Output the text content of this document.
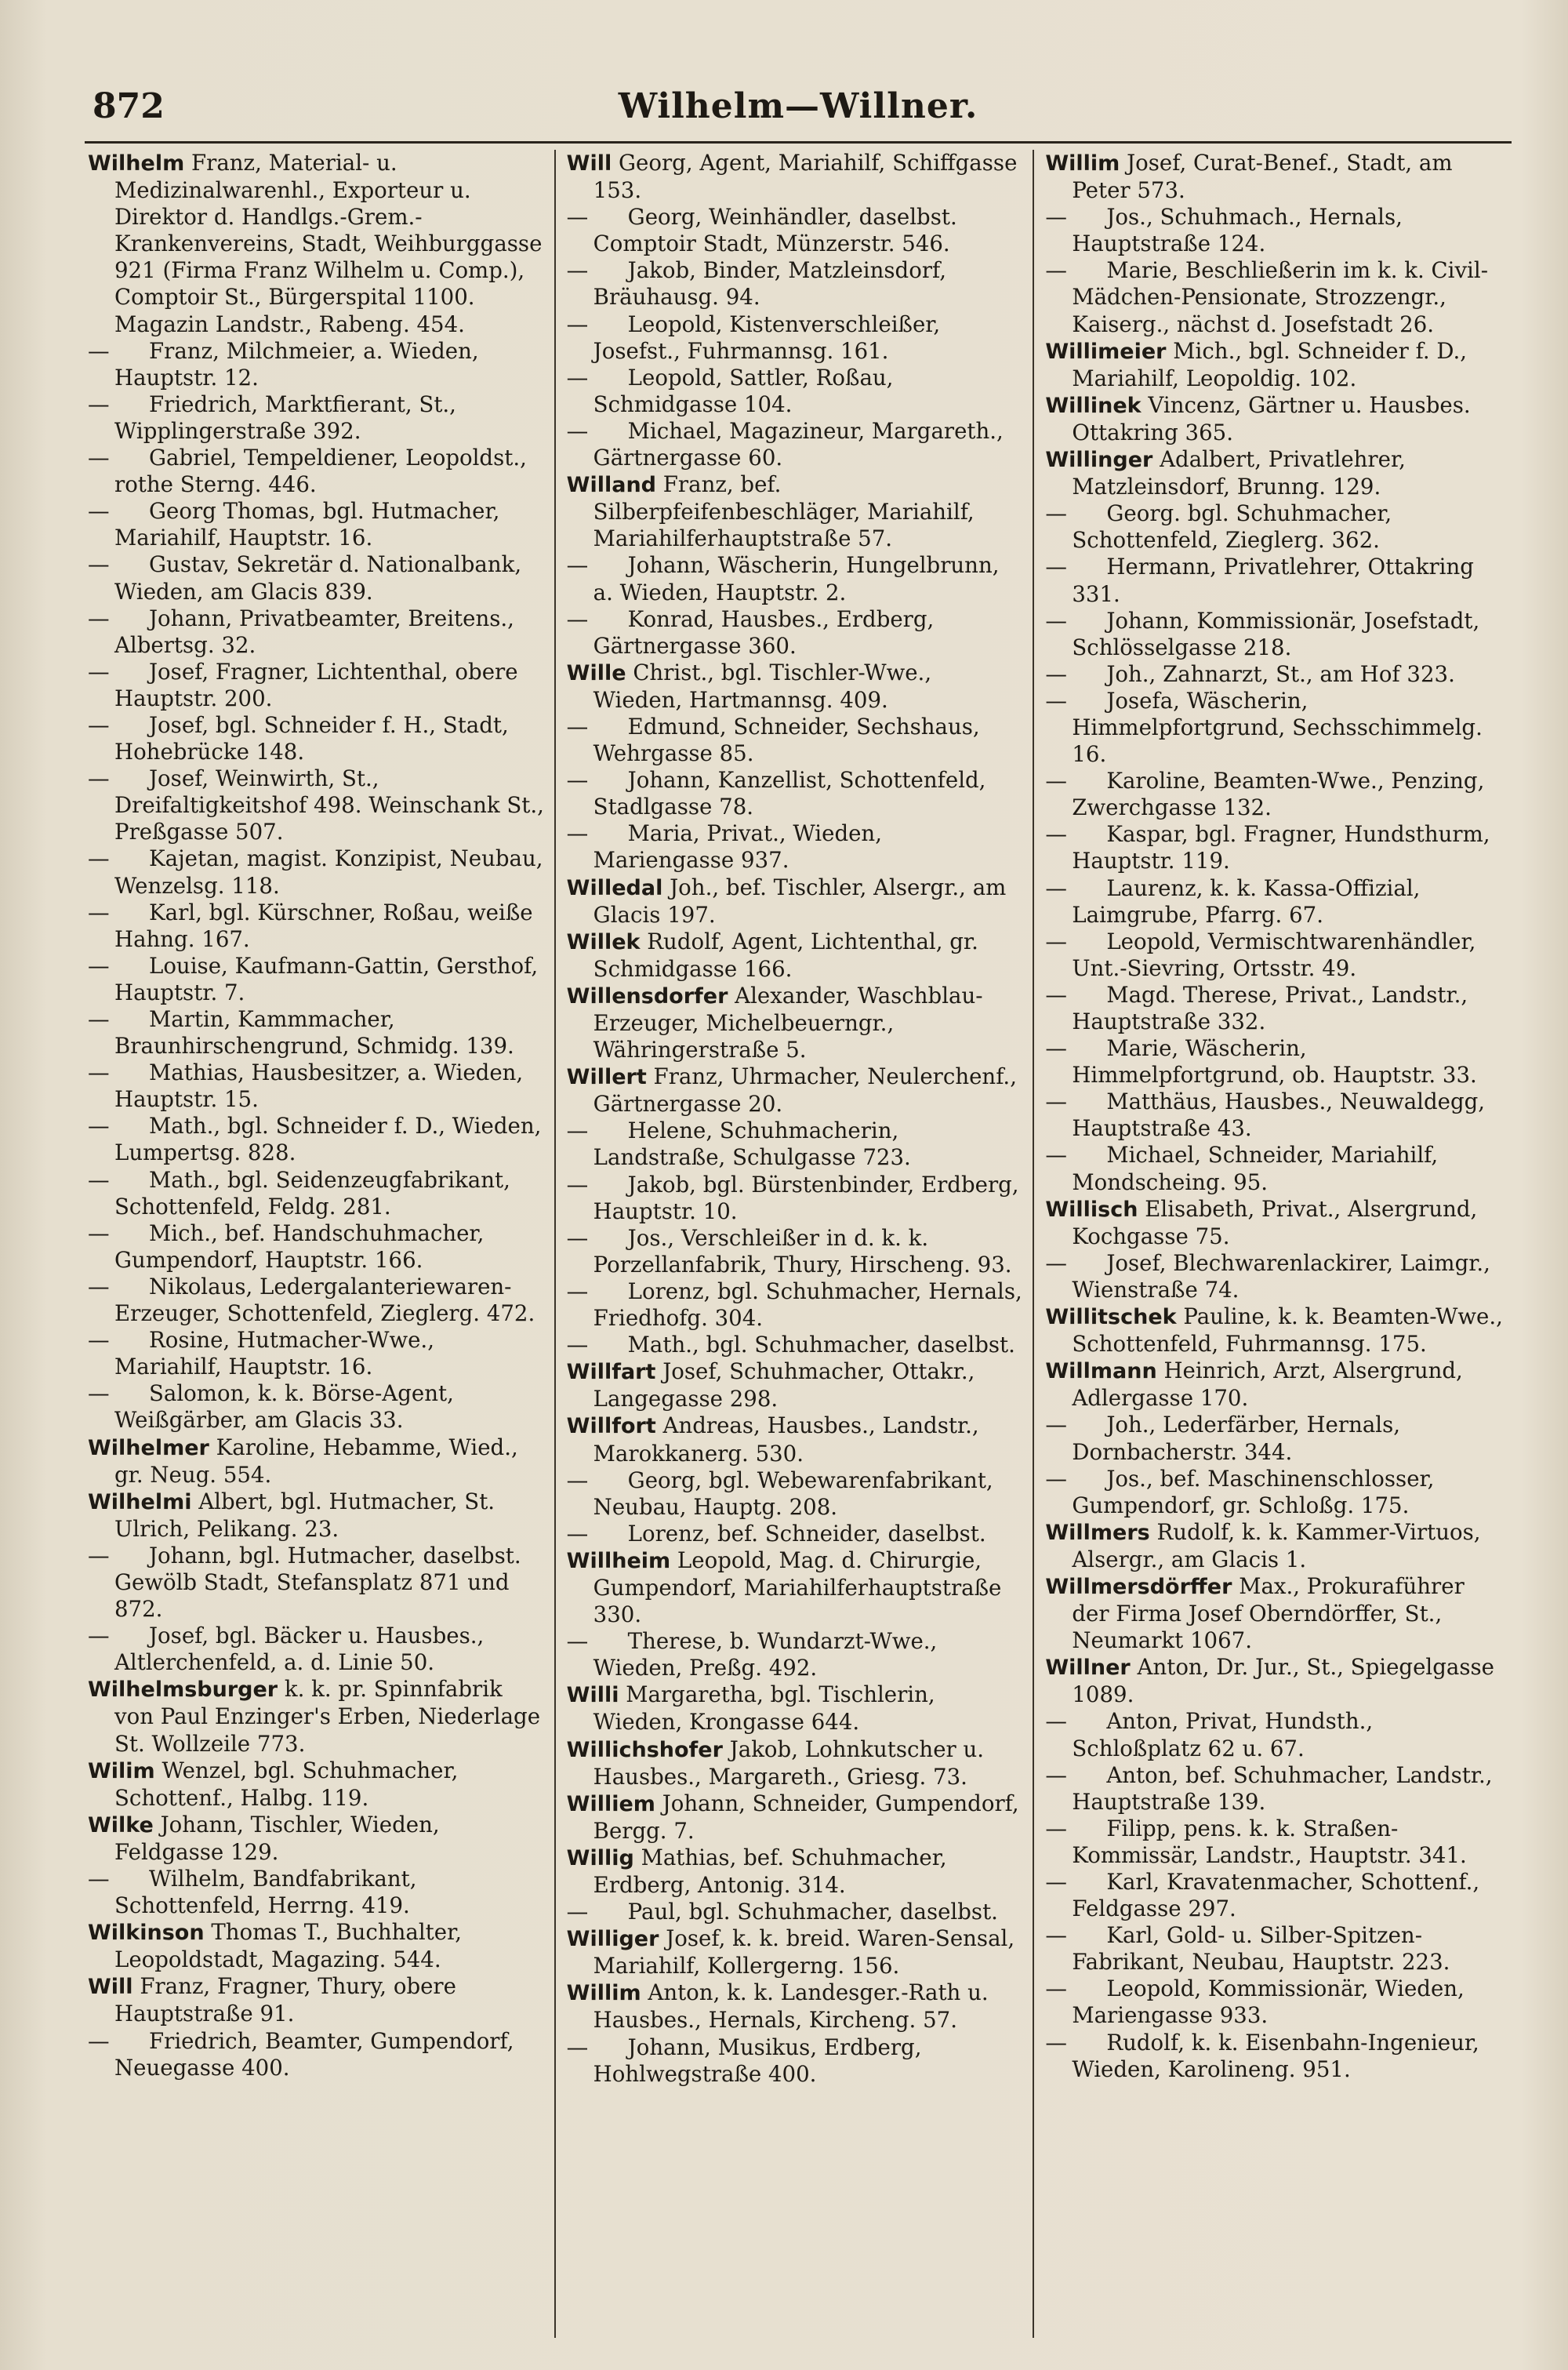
872	Wilhelm—Willner.

Wilhelm Franz, Material- u. Medizinalwarenhl., Exporteur u. Direktor d. Handlgs.-Grem.-Krankenvereins, Stadt, Weihburggasse 921 (Firma Franz Wilhelm u. Comp.), Comptoir St., Bürgerspital 1100. Magazin Landstr., Rabeng. 454.

— Franz, Milchmeier, a. Wieden, Hauptstr. 12.

— Friedrich, Marktfierant, St., Wipplingerstraße 392.

— Gabriel, Tempeldiener, Leopoldst., rothe Sterng. 446.

— Georg Thomas, bgl. Hutmacher, Mariahilf, Hauptstr. 16.

— Gustav, Sekretär d. Nationalbank, Wieden, am Glacis 839.

— Johann, Privatbeamter, Breitens., Albertsg. 32.

— Josef, Fragner, Lichtenthal, obere Hauptstr. 200.

— Josef, bgl. Schneider f. H., Stadt, Hohebrücke 148.

— Josef, Weinwirth, St., Dreifaltigkeitshof 498. Weinschank St., Preßgasse 507.

— Kajetan, magist. Konzipist, Neubau, Wenzelsg. 118.

— Karl, bgl. Kürschner, Roßau, weiße Hahng. 167.

— Louise, Kaufmann-Gattin, Gersthof, Hauptstr. 7.

— Martin, Kammmacher, Braunhirschengrund, Schmidg. 139.

— Mathias, Hausbesitzer, a. Wieden, Hauptstr. 15.

— Math., bgl. Schneider f. D., Wieden, Lumpertsg. 828.

— Math., bgl. Seidenzeugfabrikant, Schottenfeld, Feldg. 281.

— Mich., bef. Handschuhmacher, Gumpendorf, Hauptstr. 166.

— Nikolaus, Ledergalanteriewaren-Erzeuger, Schottenfeld, Zieglerg. 472.

— Rosine, Hutmacher-Wwe., Mariahilf, Hauptstr. 16.

— Salomon, k. k. Börse-Agent, Weißgärber, am Glacis 33.

Wilhelmer Karoline, Hebamme, Wied., gr. Neug. 554.

Wilhelmi Albert, bgl. Hutmacher, St. Ulrich, Pelikang. 23.

— Johann, bgl. Hutmacher, daselbst. Gewölb Stadt, Stefansplatz 871 und 872.

— Josef, bgl. Bäcker u. Hausbes., Altlerchenfeld, a. d. Linie 50.

Wilhelmsburger k. k. pr. Spinnfabrik von Paul Enzinger's Erben, Niederlage St. Wollzeile 773.

Wilim Wenzel, bgl. Schuhmacher, Schottenf., Halbg. 119.

Wilke Johann, Tischler, Wieden, Feldgasse 129.

— Wilhelm, Bandfabrikant, Schottenfeld, Herrng. 419.

Wilkinson Thomas T., Buchhalter, Leopoldstadt, Magazing. 544.

Will Franz, Fragner, Thury, obere Hauptstraße 91.

— Friedrich, Beamter, Gumpendorf, Neuegasse 400.

Will Georg, Agent, Mariahilf, Schiffgasse 153.

— Georg, Weinhändler, daselbst. Comptoir Stadt, Münzerstr. 546.

— Jakob, Binder, Matzleinsdorf, Bräuhausg. 94.

— Leopold, Kistenverschleißer, Josefst., Fuhrmannsg. 161.

— Leopold, Sattler, Roßau, Schmidgasse 104.

— Michael, Magazineur, Margareth., Gärtnergasse 60.

Willand Franz, bef. Silberpfeifenbeschläger, Mariahilf, Mariahilferhauptstraße 57.

— Johann, Wäscherin, Hungelbrunn, a. Wieden, Hauptstr. 2.

— Konrad, Hausbes., Erdberg, Gärtnergasse 360.

Wille Christ., bgl. Tischler-Wwe., Wieden, Hartmannsg. 409.

— Edmund, Schneider, Sechshaus, Wehrgasse 85.

— Johann, Kanzellist, Schottenfeld, Stadlgasse 78.

— Maria, Privat., Wieden, Mariengasse 937.

Willedal Joh., bef. Tischler, Alsergr., am Glacis 197.

Willek Rudolf, Agent, Lichtenthal, gr. Schmidgasse 166.

Willensdorfer Alexander, Waschblau-Erzeuger, Michelbeuerngr., Währingerstraße 5.

Willert Franz, Uhrmacher, Neulerchenf., Gärtnergasse 20.

— Helene, Schuhmacherin, Landstraße, Schulgasse 723.

— Jakob, bgl. Bürstenbinder, Erdberg, Hauptstr. 10.

— Jos., Verschleißer in d. k. k. Porzellanfabrik, Thury, Hirscheng. 93.

— Lorenz, bgl. Schuhmacher, Hernals, Friedhofg. 304.

— Math., bgl. Schuhmacher, daselbst.

Willfart Josef, Schuhmacher, Ottakr., Langegasse 298.

Willfort Andreas, Hausbes., Landstr., Marokkanerg. 530.

— Georg, bgl. Webewarenfabrikant, Neubau, Hauptg. 208.

— Lorenz, bef. Schneider, daselbst.

Willheim Leopold, Mag. d. Chirurgie, Gumpendorf, Mariahilferhauptstraße 330.

— Therese, b. Wundarzt-Wwe., Wieden, Preßg. 492.

Willi Margaretha, bgl. Tischlerin, Wieden, Krongasse 644.

Willichshofer Jakob, Lohnkutscher u. Hausbes., Margareth., Griesg. 73.

Williem Johann, Schneider, Gumpendorf, Bergg. 7.

Willig Mathias, bef. Schuhmacher, Erdberg, Antonig. 314.

— Paul, bgl. Schuhmacher, daselbst.

Williger Josef, k. k. breid. Waren-Sensal, Mariahilf, Kollergerng. 156.

Willim Anton, k. k. Landesger.-Rath u. Hausbes., Hernals, Kircheng. 57.

— Johann, Musikus, Erdberg, Hohlwegstraße 400.

Willim Josef, Curat-Benef., Stadt, am Peter 573.

— Jos., Schuhmach., Hernals, Hauptstraße 124.

— Marie, Beschließerin im k. k. Civil-Mädchen-Pensionate, Strozzengr., Kaiserg., nächst d. Josefstadt 26.

Willimeier Mich., bgl. Schneider f. D., Mariahilf, Leopoldig. 102.

Willinek Vincenz, Gärtner u. Hausbes. Ottakring 365.

Willinger Adalbert, Privatlehrer, Matzleinsdorf, Brunng. 129.

— Georg. bgl. Schuhmacher, Schottenfeld, Zieglerg. 362.

— Hermann, Privatlehrer, Ottakring 331.

— Johann, Kommissionär, Josefstadt, Schlösselgasse 218.

— Joh., Zahnarzt, St., am Hof 323.

— Josefa, Wäscherin, Himmelpfortgrund, Sechsschimmelg. 16.

— Karoline, Beamten-Wwe., Penzing, Zwerchgasse 132.

— Kaspar, bgl. Fragner, Hundsthurm, Hauptstr. 119.

— Laurenz, k. k. Kassa-Offizial, Laimgrube, Pfarrg. 67.

— Leopold, Vermischtwarenhändler, Unt.-Sievring, Ortsstr. 49.

— Magd. Therese, Privat., Landstr., Hauptstraße 332.

— Marie, Wäscherin, Himmelpfortgrund, ob. Hauptstr. 33.

— Matthäus, Hausbes., Neuwaldegg, Hauptstraße 43.

— Michael, Schneider, Mariahilf, Mondscheing. 95.

Willisch Elisabeth, Privat., Alsergrund, Kochgasse 75.

— Josef, Blechwarenlackirer, Laimgr., Wienstraße 74.

Willitschek Pauline, k. k. Beamten-Wwe., Schottenfeld, Fuhrmannsg. 175.

Willmann Heinrich, Arzt, Alsergrund, Adlergasse 170.

— Joh., Lederfärber, Hernals, Dornbacherstr. 344.

— Jos., bef. Maschinenschlosser, Gumpendorf, gr. Schloßg. 175.

Willmers Rudolf, k. k. Kammer-Virtuos, Alsergr., am Glacis 1.

Willmersdörffer Max., Prokuraführer der Firma Josef Oberndörffer, St., Neumarkt 1067.

Willner Anton, Dr. Jur., St., Spiegelgasse 1089.

— Anton, Privat, Hundsth., Schloßplatz 62 u. 67.

— Anton, bef. Schuhmacher, Landstr., Hauptstraße 139.

— Filipp, pens. k. k. Straßen-Kommissär, Landstr., Hauptstr. 341.

— Karl, Kravatenmacher, Schottenf., Feldgasse 297.

— Karl, Gold- u. Silber-Spitzen-Fabrikant, Neubau, Hauptstr. 223.

— Leopold, Kommissionär, Wieden, Mariengasse 933.

— Rudolf, k. k. Eisenbahn-Ingenieur, Wieden, Karolineng. 951.
